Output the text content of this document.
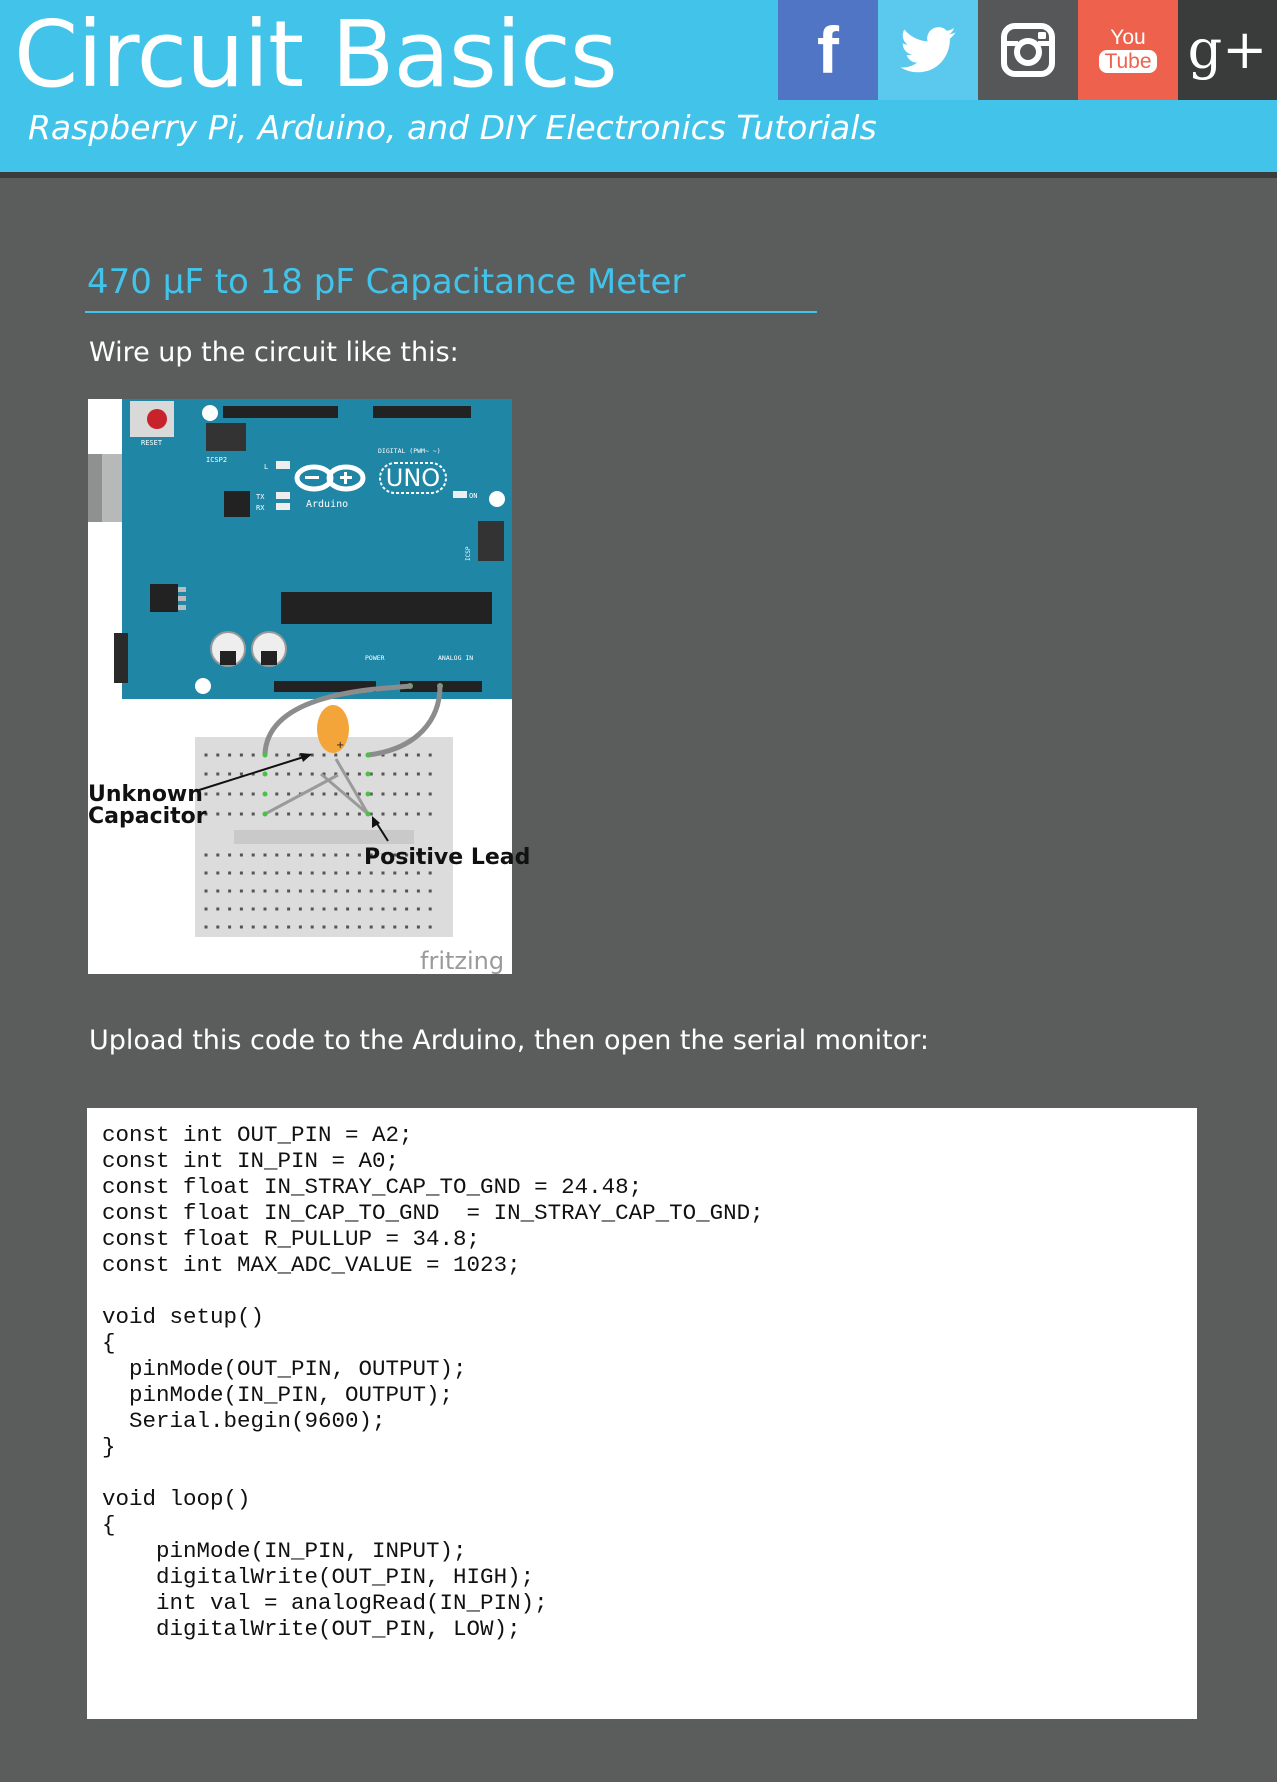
Circuit Basics
Raspberry Pi, Arduino, and DIY Electronics Tutorials
f	You
Tube g+
470 µF to 18 pF Capacitance Meter
Wire up the circuit like this:
RESET
ICSP2
DIGITAL (PWM~ ~)
L
TX
RX
UNO
Arduino
ON
ICSP
POWER	ANALOG IN
+
Unknown
Capacitor
Positive Lead
fritzing
Upload this code to the Arduino, then open the serial monitor:
const int OUT_PIN = A2;
const int IN_PIN = A0;
const float IN_STRAY_CAP_TO_GND = 24.48;
const float IN_CAP_TO_GND  = IN_STRAY_CAP_TO_GND;
const float R_PULLUP = 34.8;
const int MAX_ADC_VALUE = 1023;

void setup()
{
pinMode(OUT_PIN, OUTPUT);
pinMode(IN_PIN, OUTPUT);
Serial.begin(9600);
}

void loop()
{
pinMode(IN_PIN, INPUT);
digitalWrite(OUT_PIN, HIGH);
int val = analogRead(IN_PIN);
digitalWrite(OUT_PIN, LOW);
